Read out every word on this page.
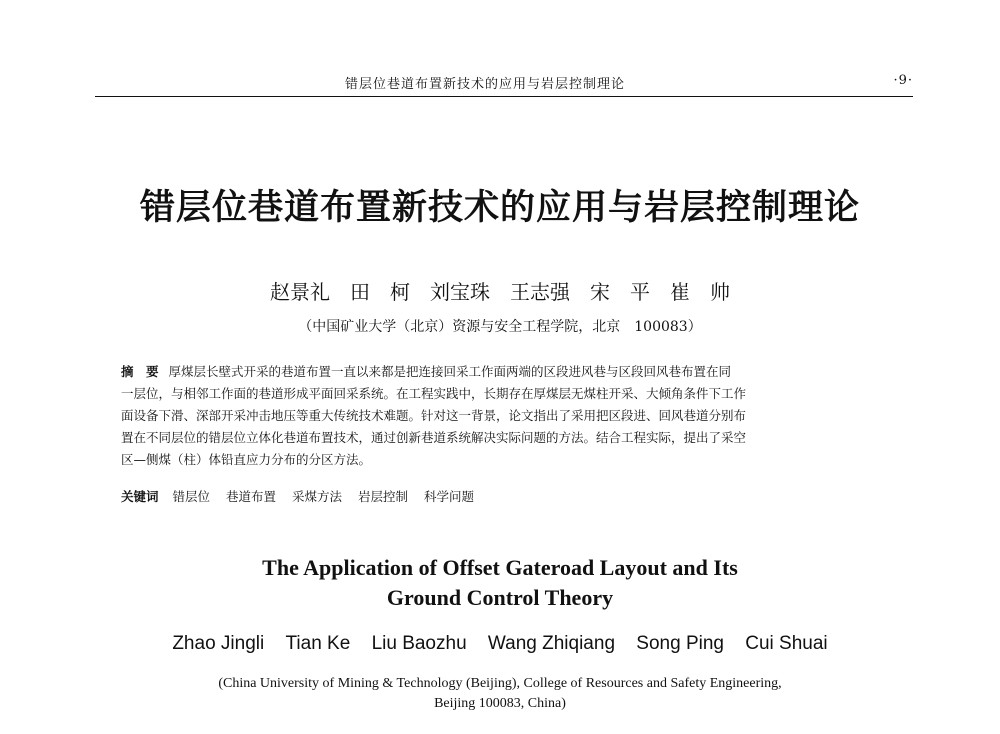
错层位巷道布置新技术的应用与岩层控制理论	·9·
错层位巷道布置新技术的应用与岩层控制理论
赵景礼　田　柯　刘宝珠　王志强　宋　平　崔　帅
（中国矿业大学（北京）资源与安全工程学院，北京　100083）
摘　要 厚煤层长壁式开采的巷道布置一直以来都是把连接回采工作面两端的区段进风巷与区段回风巷布置在同
一层位，与相邻工作面的巷道形成平面回采系统。在工程实践中，长期存在厚煤层无煤柱开采、大倾角条件下工作
面设备下滑、深部开采冲击地压等重大传统技术难题。针对这一背景，论文指出了采用把区段进、回风巷道分别布
置在不同层位的错层位立体化巷道布置技术，通过创新巷道系统解决实际问题的方法。结合工程实际，提出了采空
区—侧煤（柱）体铅直应力分布的分区方法。
关键词 错层位 巷道布置 采煤方法 岩层控制 科学问题
The Application of Offset Gateroad Layout and Its
Ground Control Theory
Zhao Jingli Tian Ke Liu Baozhu Wang Zhiqiang Song Ping Cui Shuai
(China University of Mining & Technology (Beijing), College of Resources and Safety Engineering,
Beijing 100083, China)
